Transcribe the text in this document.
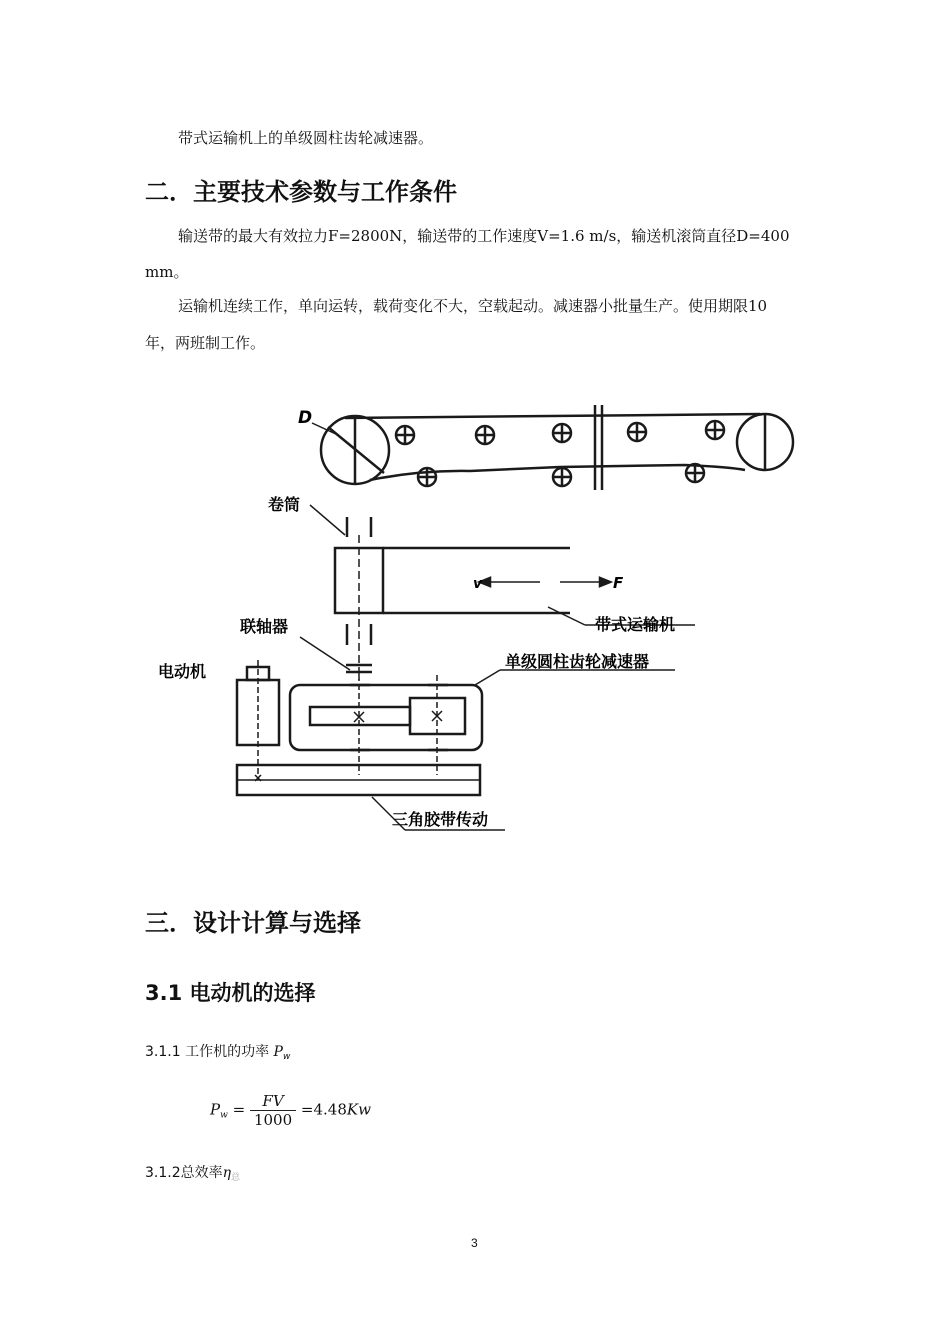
带式运输机上的单级圆柱齿轮减速器。

二．主要技术参数与工作条件

输送带的最大有效拉力F=2800N，输送带的工作速度V=1.6 m/s，输送机滚筒直径D=400

mm。

运输机连续工作，单向运转，载荷变化不大，空载起动。减速器小批量生产。使用期限10

年，两班制工作。

D
卷筒
v	F
带式运输机
联轴器
单级圆柱齿轮减速器
电动机
三角胶带传动
三．设计计算与选择
3.1 电动机的选择
3.1.1 工作机的功率 $P_w$
$P_w = \frac{FV}{1000} =4.48Kw$
3.1.2总效率$\eta_总$
3
